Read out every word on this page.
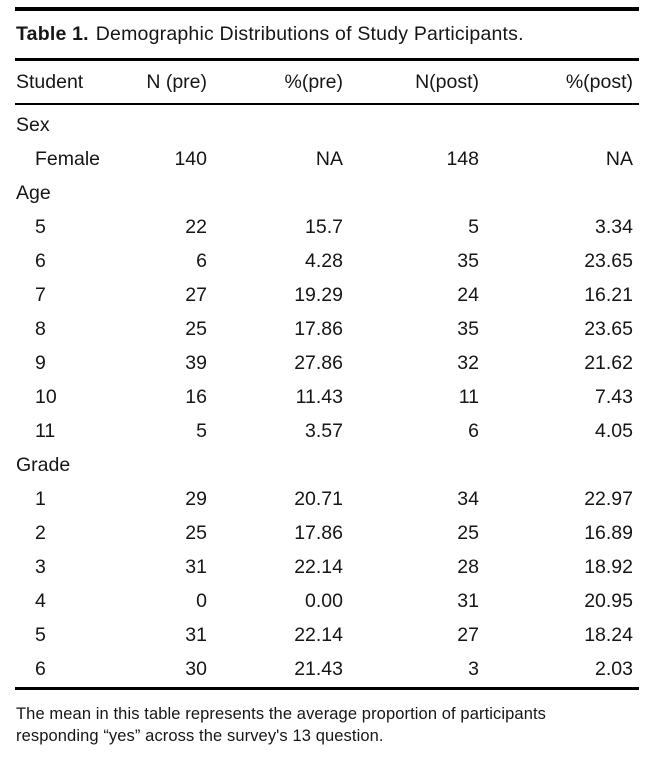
Table 1. Demographic Distributions of Study Participants.
Student	N (pre)	%(pre)	N(post)	%(post)
Sex				
Female	140	NA	148	NA
Age				
5	22	15.7	5	3.34
6	6	4.28	35	23.65
7	27	19.29	24	16.21
8	25	17.86	35	23.65
9	39	27.86	32	21.62
10	16	11.43	11	7.43
11	5	3.57	6	4.05
Grade				
1	29	20.71	34	22.97
2	25	17.86	25	16.89
3	31	22.14	28	18.92
4	0	0.00	31	20.95
5	31	22.14	27	18.24
6	30	21.43	3	2.03

The mean in this table represents the average proportion of participants responding “yes” across the survey's 13 question.
